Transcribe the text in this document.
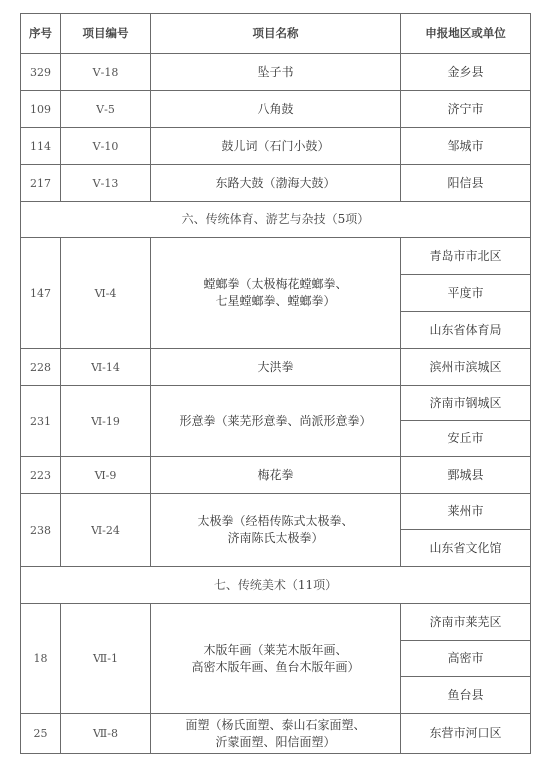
序号	项目编号	项目名称	申报地区或单位
329	Ⅴ-18	坠子书	金乡县
109	Ⅴ-5	八角鼓	济宁市
114	Ⅴ-10	鼓儿词（石门小鼓）	邹城市
217	Ⅴ-13	东路大鼓（渤海大鼓）	阳信县
六、传统体育、游艺与杂技（5项）			
147	Ⅵ-4	螳螂拳（太极梅花螳螂拳、
七星螳螂拳、螳螂拳）	青岛市市北区
			平度市
			山东省体育局
228	Ⅵ-14	大洪拳	滨州市滨城区
231	Ⅵ-19	形意拳（莱芜形意拳、尚派形意拳）	济南市钢城区
			安丘市
223	Ⅵ-9	梅花拳	鄄城县
238	Ⅵ-24	太极拳（经梧传陈式太极拳、
济南陈氏太极拳）	莱州市
			山东省文化馆
七、传统美术（11项）			
18	Ⅶ-1	木版年画（莱芜木版年画、
高密木版年画、鱼台木版年画）	济南市莱芜区
			高密市
			鱼台县
25	Ⅶ-8	面塑（杨氏面塑、泰山石家面塑、
沂蒙面塑、阳信面塑）	东营市河口区
